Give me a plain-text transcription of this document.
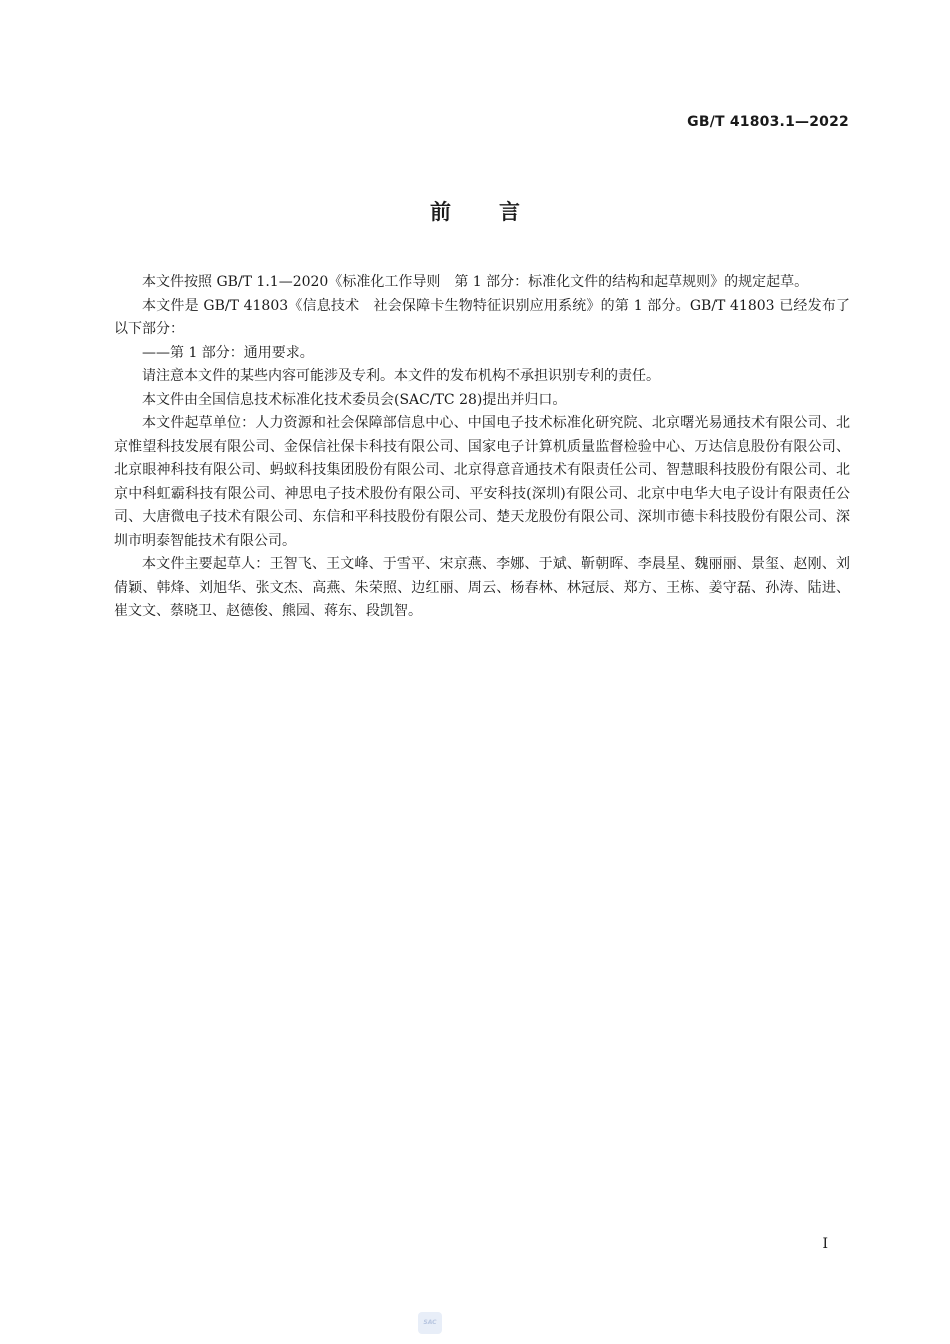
GB/T 41803.1—2022
前言

本文件按照 GB/T 1.1—2020《标准化工作导则　第 1 部分：标准化文件的结构和起草规则》的规定起草。

本文件是 GB/T 41803《信息技术　社会保障卡生物特征识别应用系统》的第 1 部分。GB/T 41803 已经发布了以下部分：

——第 1 部分：通用要求。

请注意本文件的某些内容可能涉及专利。本文件的发布机构不承担识别专利的责任。

本文件由全国信息技术标准化技术委员会(SAC/TC 28)提出并归口。

本文件起草单位：人力资源和社会保障部信息中心、中国电子技术标准化研究院、北京曙光易通技术有限公司、北京惟望科技发展有限公司、金保信社保卡科技有限公司、国家电子计算机质量监督检验中心、万达信息股份有限公司、北京眼神科技有限公司、蚂蚁科技集团股份有限公司、北京得意音通技术有限责任公司、智慧眼科技股份有限公司、北京中科虹霸科技有限公司、神思电子技术股份有限公司、平安科技(深圳)有限公司、北京中电华大电子设计有限责任公司、大唐微电子技术有限公司、东信和平科技股份有限公司、楚天龙股份有限公司、深圳市德卡科技股份有限公司、深圳市明泰智能技术有限公司。

本文件主要起草人：王智飞、王文峰、于雪平、宋京燕、李娜、于斌、靳朝晖、李晨星、魏丽丽、景玺、赵刚、刘倩颖、韩烽、刘旭华、张文杰、高燕、朱荣照、边红丽、周云、杨春林、林冠辰、郑方、王栋、姜守磊、孙涛、陆进、崔文文、蔡晓卫、赵德俊、熊园、蒋东、段凯智。

I
SAC
